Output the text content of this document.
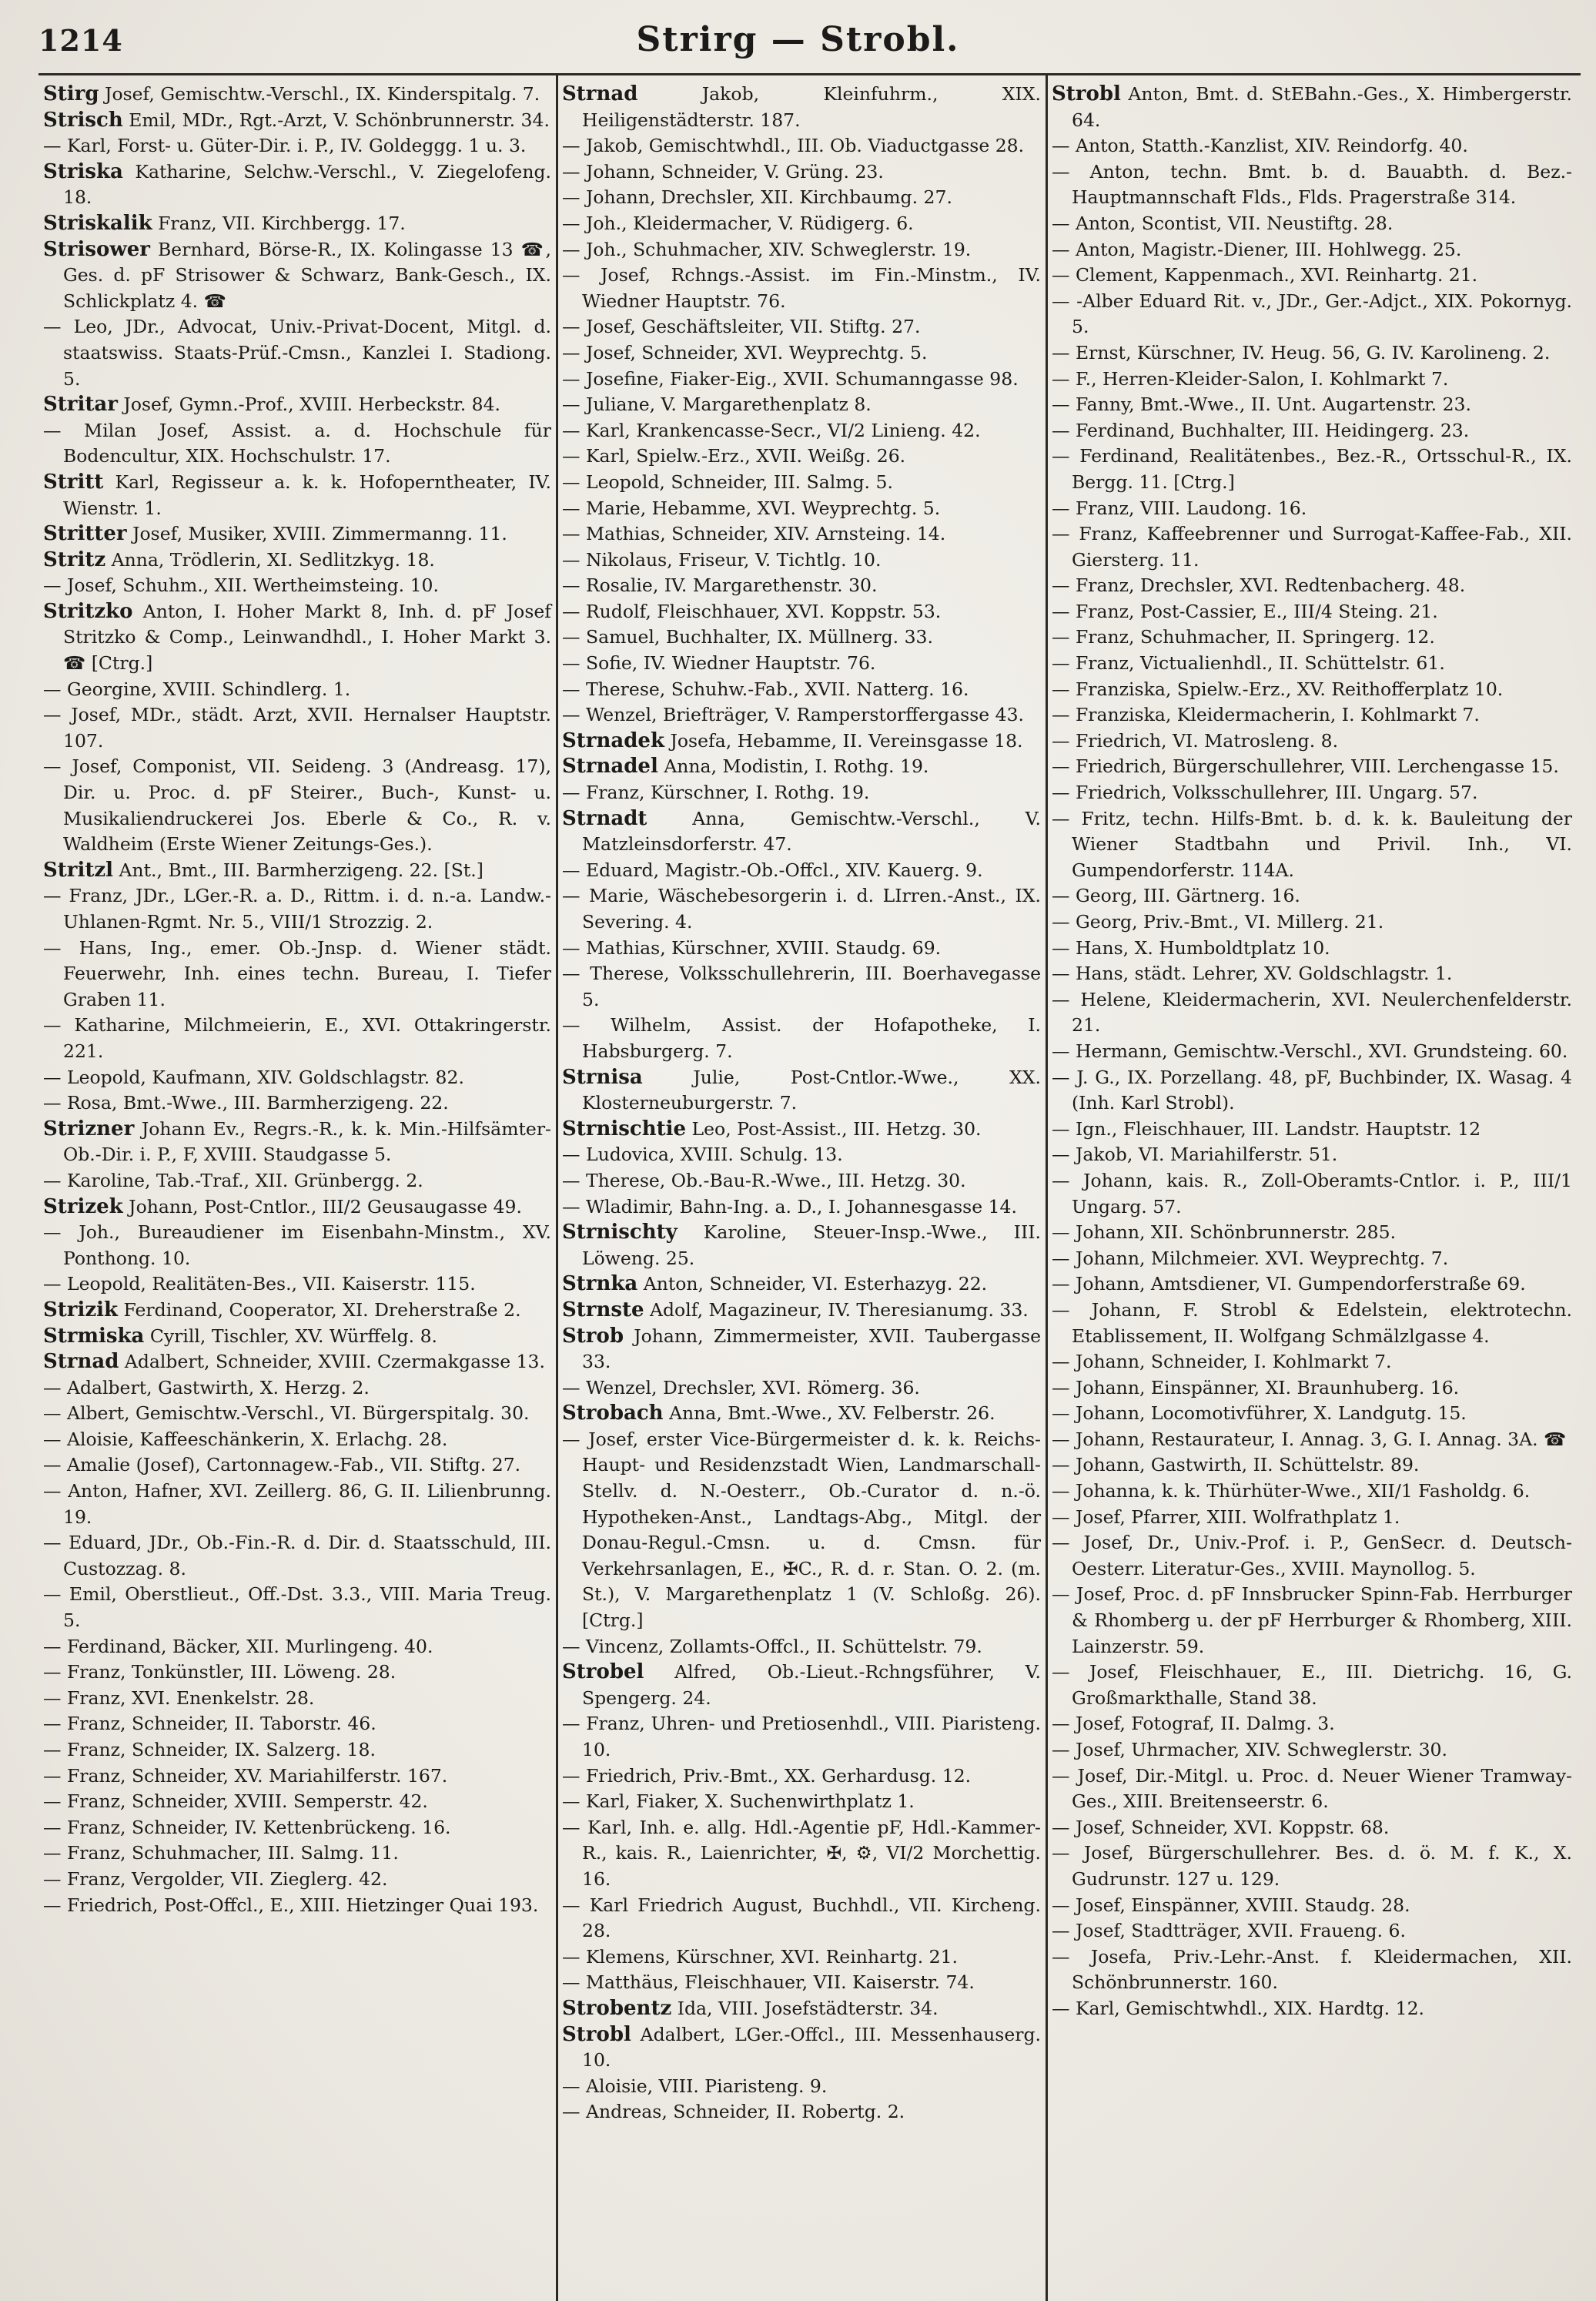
1214	Strirg — Strobl.

Stirg Josef, Gemischtw.-Verschl., IX. Kinderspitalg. 7.

Strisch Emil, MDr., Rgt.-Arzt, V. Schönbrunnerstr. 34.

— Karl, Forst- u. Güter-Dir. i. P., IV. Goldeggg. 1 u. 3.

Striska Katharine, Selchw.-Verschl., V. Ziegelofeng. 18.

Striskalik Franz, VII. Kirchbergg. 17.

Strisower Bernhard, Börse-R., IX. Kolingasse 13 ☎, Ges. d. pF Strisower & Schwarz, Bank-Gesch., IX. Schlickplatz 4. ☎

— Leo, JDr., Advocat, Univ.-Privat-Docent, Mitgl. d. staatswiss. Staats-Prüf.-Cmsn., Kanzlei I. Stadiong. 5.

Stritar Josef, Gymn.-Prof., XVIII. Herbeckstr. 84.

— Milan Josef, Assist. a. d. Hochschule für Bodencultur, XIX. Hochschulstr. 17.

Stritt Karl, Regisseur a. k. k. Hofoperntheater, IV. Wienstr. 1.

Stritter Josef, Musiker, XVIII. Zimmermanng. 11.

Stritz Anna, Trödlerin, XI. Sedlitzkyg. 18.

— Josef, Schuhm., XII. Wertheimsteing. 10.

Stritzko Anton, I. Hoher Markt 8, Inh. d. pF Josef Stritzko & Comp., Leinwandhdl., I. Hoher Markt 3. ☎ [Ctrg.]

— Georgine, XVIII. Schindlerg. 1.

— Josef, MDr., städt. Arzt, XVII. Hernalser Hauptstr. 107.

— Josef, Componist, VII. Seideng. 3 (Andreasg. 17), Dir. u. Proc. d. pF Steirer., Buch-, Kunst- u. Musikaliendruckerei Jos. Eberle & Co., R. v. Waldheim (Erste Wiener Zeitungs-Ges.).

Stritzl Ant., Bmt., III. Barmherzigeng. 22. [St.]

— Franz, JDr., LGer.-R. a. D., Rittm. i. d. n.-a. Landw.-Uhlanen-Rgmt. Nr. 5., VIII/1 Strozzig. 2.

— Hans, Ing., emer. Ob.-Jnsp. d. Wiener städt. Feuerwehr, Inh. eines techn. Bureau, I. Tiefer Graben 11.

— Katharine, Milchmeierin, E., XVI. Ottakringerstr. 221.

— Leopold, Kaufmann, XIV. Goldschlagstr. 82.

— Rosa, Bmt.-Wwe., III. Barmherzigeng. 22.

Strizner Johann Ev., Regrs.-R., k. k. Min.-Hilfsämter-Ob.-Dir. i. P., F, XVIII. Staudgasse 5.

— Karoline, Tab.-Traf., XII. Grünbergg. 2.

Strizek Johann, Post-Cntlor., III/2 Geusaugasse 49.

— Joh., Bureaudiener im Eisenbahn-Minstm., XV. Ponthong. 10.

— Leopold, Realitäten-Bes., VII. Kaiserstr. 115.

Strizik Ferdinand, Cooperator, XI. Dreherstraße 2.

Strmiska Cyrill, Tischler, XV. Würffelg. 8.

Strnad Adalbert, Schneider, XVIII. Czermakgasse 13.

— Adalbert, Gastwirth, X. Herzg. 2.

— Albert, Gemischtw.-Verschl., VI. Bürgerspitalg. 30.

— Aloisie, Kaffeeschänkerin, X. Erlachg. 28.

— Amalie (Josef), Cartonnagew.-Fab., VII. Stiftg. 27.

— Anton, Hafner, XVI. Zeillerg. 86, G. II. Lilienbrunng. 19.

— Eduard, JDr., Ob.-Fin.-R. d. Dir. d. Staatsschuld, III. Custozzag. 8.

— Emil, Oberstlieut., Off.-Dst. 3.3., VIII. Maria Treug. 5.

— Ferdinand, Bäcker, XII. Murlingeng. 40.

— Franz, Tonkünstler, III. Löweng. 28.

— Franz, XVI. Enenkelstr. 28.

— Franz, Schneider, II. Taborstr. 46.

— Franz, Schneider, IX. Salzerg. 18.

— Franz, Schneider, XV. Mariahilferstr. 167.

— Franz, Schneider, XVIII. Semperstr. 42.

— Franz, Schneider, IV. Kettenbrückeng. 16.

— Franz, Schuhmacher, III. Salmg. 11.

— Franz, Vergolder, VII. Zieglerg. 42.

— Friedrich, Post-Offcl., E., XIII. Hietzinger Quai 193.

Strnad Jakob, Kleinfuhrm., XIX. Heiligenstädterstr. 187.

— Jakob, Gemischtwhdl., III. Ob. Viaductgasse 28.

— Johann, Schneider, V. Grüng. 23.

— Johann, Drechsler, XII. Kirchbaumg. 27.

— Joh., Kleidermacher, V. Rüdigerg. 6.

— Joh., Schuhmacher, XIV. Schweglerstr. 19.

— Josef, Rchngs.-Assist. im Fin.-Minstm., IV. Wiedner Hauptstr. 76.

— Josef, Geschäftsleiter, VII. Stiftg. 27.

— Josef, Schneider, XVI. Weyprechtg. 5.

— Josefine, Fiaker-Eig., XVII. Schumanngasse 98.

— Juliane, V. Margarethenplatz 8.

— Karl, Krankencasse-Secr., VI/2 Linieng. 42.

— Karl, Spielw.-Erz., XVII. Weißg. 26.

— Leopold, Schneider, III. Salmg. 5.

— Marie, Hebamme, XVI. Weyprechtg. 5.

— Mathias, Schneider, XIV. Arnsteing. 14.

— Nikolaus, Friseur, V. Tichtlg. 10.

— Rosalie, IV. Margarethenstr. 30.

— Rudolf, Fleischhauer, XVI. Koppstr. 53.

— Samuel, Buchhalter, IX. Müllnerg. 33.

— Sofie, IV. Wiedner Hauptstr. 76.

— Therese, Schuhw.-Fab., XVII. Natterg. 16.

— Wenzel, Briefträger, V. Ramperstorffergasse 43.

Strnadek Josefa, Hebamme, II. Vereinsgasse 18.

Strnadel Anna, Modistin, I. Rothg. 19.

— Franz, Kürschner, I. Rothg. 19.

Strnadt Anna, Gemischtw.-Verschl., V. Matzleinsdorferstr. 47.

— Eduard, Magistr.-Ob.-Offcl., XIV. Kauerg. 9.

— Marie, Wäschebesorgerin i. d. LIrren.-Anst., IX. Severing. 4.

— Mathias, Kürschner, XVIII. Staudg. 69.

— Therese, Volksschullehrerin, III. Boerhavegasse 5.

— Wilhelm, Assist. der Hofapotheke, I. Habsburgerg. 7.

Strnisa Julie, Post-Cntlor.-Wwe., XX. Klosterneuburgerstr. 7.

Strnischtie Leo, Post-Assist., III. Hetzg. 30.

— Ludovica, XVIII. Schulg. 13.

— Therese, Ob.-Bau-R.-Wwe., III. Hetzg. 30.

— Wladimir, Bahn-Ing. a. D., I. Johannesgasse 14.

Strnischty Karoline, Steuer-Insp.-Wwe., III. Löweng. 25.

Strnka Anton, Schneider, VI. Esterhazyg. 22.

Strnste Adolf, Magazineur, IV. Theresianumg. 33.

Strob Johann, Zimmermeister, XVII. Taubergasse 33.

— Wenzel, Drechsler, XVI. Römerg. 36.

Strobach Anna, Bmt.-Wwe., XV. Felberstr. 26.

— Josef, erster Vice-Bürgermeister d. k. k. Reichs-Haupt- und Residenzstadt Wien, Landmarschall-Stellv. d. N.-Oesterr., Ob.-Curator d. n.-ö. Hypotheken-Anst., Landtags-Abg., Mitgl. der Donau-Regul.-Cmsn. u. d. Cmsn. für Verkehrsanlagen, E., ✠C., R. d. r. Stan. O. 2. (m. St.), V. Margarethenplatz 1 (V. Schloßg. 26). [Ctrg.]

— Vincenz, Zollamts-Offcl., II. Schüttelstr. 79.

Strobel Alfred, Ob.-Lieut.-Rchngsführer, V. Spengerg. 24.

— Franz, Uhren- und Pretiosenhdl., VIII. Piaristeng. 10.

— Friedrich, Priv.-Bmt., XX. Gerhardusg. 12.

— Karl, Fiaker, X. Suchenwirthplatz 1.

— Karl, Inh. e. allg. Hdl.-Agentie pF, Hdl.-Kammer-R., kais. R., Laienrichter, ✠, ⚙, VI/2 Morchettig. 16.

— Karl Friedrich August, Buchhdl., VII. Kircheng. 28.

— Klemens, Kürschner, XVI. Reinhartg. 21.

— Matthäus, Fleischhauer, VII. Kaiserstr. 74.

Strobentz Ida, VIII. Josefstädterstr. 34.

Strobl Adalbert, LGer.-Offcl., III. Messenhauserg. 10.

— Aloisie, VIII. Piaristeng. 9.

— Andreas, Schneider, II. Robertg. 2.

Strobl Anton, Bmt. d. StEBahn.-Ges., X. Himbergerstr. 64.

— Anton, Statth.-Kanzlist, XIV. Reindorfg. 40.

— Anton, techn. Bmt. b. d. Bauabth. d. Bez.-Hauptmannschaft Flds., Flds. Pragerstraße 314.

— Anton, Scontist, VII. Neustiftg. 28.

— Anton, Magistr.-Diener, III. Hohlwegg. 25.

— Clement, Kappenmach., XVI. Reinhartg. 21.

— -Alber Eduard Rit. v., JDr., Ger.-Adjct., XIX. Pokornyg. 5.

— Ernst, Kürschner, IV. Heug. 56, G. IV. Karolineng. 2.

— F., Herren-Kleider-Salon, I. Kohlmarkt 7.

— Fanny, Bmt.-Wwe., II. Unt. Augartenstr. 23.

— Ferdinand, Buchhalter, III. Heidingerg. 23.

— Ferdinand, Realitätenbes., Bez.-R., Ortsschul-R., IX. Bergg. 11. [Ctrg.]

— Franz, VIII. Laudong. 16.

— Franz, Kaffeebrenner und Surrogat-Kaffee-Fab., XII. Giersterg. 11.

— Franz, Drechsler, XVI. Redtenbacherg. 48.

— Franz, Post-Cassier, E., III/4 Steing. 21.

— Franz, Schuhmacher, II. Springerg. 12.

— Franz, Victualienhdl., II. Schüttelstr. 61.

— Franziska, Spielw.-Erz., XV. Reithofferplatz 10.

— Franziska, Kleidermacherin, I. Kohlmarkt 7.

— Friedrich, VI. Matrosleng. 8.

— Friedrich, Bürgerschullehrer, VIII. Lerchengasse 15.

— Friedrich, Volksschullehrer, III. Ungarg. 57.

— Fritz, techn. Hilfs-Bmt. b. d. k. k. Bauleitung der Wiener Stadtbahn und Privil. Inh., VI. Gumpendorferstr. 114A.

— Georg, III. Gärtnerg. 16.

— Georg, Priv.-Bmt., VI. Millerg. 21.

— Hans, X. Humboldtplatz 10.

— Hans, städt. Lehrer, XV. Goldschlagstr. 1.

— Helene, Kleidermacherin, XVI. Neulerchenfelderstr. 21.

— Hermann, Gemischtw.-Verschl., XVI. Grundsteing. 60.

— J. G., IX. Porzellang. 48, pF, Buchbinder, IX. Wasag. 4 (Inh. Karl Strobl).

— Ign., Fleischhauer, III. Landstr. Hauptstr. 12

— Jakob, VI. Mariahilferstr. 51.

— Johann, kais. R., Zoll-Oberamts-Cntlor. i. P., III/1 Ungarg. 57.

— Johann, XII. Schönbrunnerstr. 285.

— Johann, Milchmeier. XVI. Weyprechtg. 7.

— Johann, Amtsdiener, VI. Gumpendorferstraße 69.

— Johann, F. Strobl & Edelstein, elektrotechn. Etablissement, II. Wolfgang Schmälzlgasse 4.

— Johann, Schneider, I. Kohlmarkt 7.

— Johann, Einspänner, XI. Braunhuberg. 16.

— Johann, Locomotivführer, X. Landgutg. 15.

— Johann, Restaurateur, I. Annag. 3, G. I. Annag. 3A. ☎

— Johann, Gastwirth, II. Schüttelstr. 89.

— Johanna, k. k. Thürhüter-Wwe., XII/1 Fasholdg. 6.

— Josef, Pfarrer, XIII. Wolfrathplatz 1.

— Josef, Dr., Univ.-Prof. i. P., GenSecr. d. Deutsch-Oesterr. Literatur-Ges., XVIII. Maynollog. 5.

— Josef, Proc. d. pF Innsbrucker Spinn-Fab. Herrburger & Rhomberg u. der pF Herrburger & Rhomberg, XIII. Lainzerstr. 59.

— Josef, Fleischhauer, E., III. Dietrichg. 16, G. Großmarkthalle, Stand 38.

— Josef, Fotograf, II. Dalmg. 3.

— Josef, Uhrmacher, XIV. Schweglerstr. 30.

— Josef, Dir.-Mitgl. u. Proc. d. Neuer Wiener Tramway-Ges., XIII. Breitenseerstr. 6.

— Josef, Schneider, XVI. Koppstr. 68.

— Josef, Bürgerschullehrer. Bes. d. ö. M. f. K., X. Gudrunstr. 127 u. 129.

— Josef, Einspänner, XVIII. Staudg. 28.

— Josef, Stadtträger, XVII. Fraueng. 6.

— Josefa, Priv.-Lehr.-Anst. f. Kleidermachen, XII. Schönbrunnerstr. 160.

— Karl, Gemischtwhdl., XIX. Hardtg. 12.
